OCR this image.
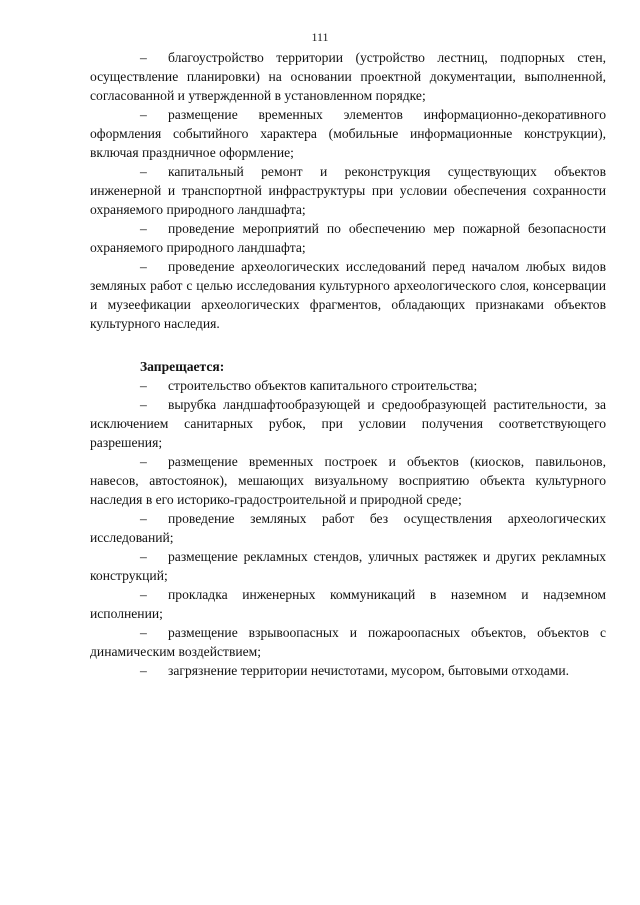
111

– благоустройство территории (устройство лестниц, подпорных стен, осуществление планировки) на основании проектной документации, выполненной, согласованной и утвержденной в установленном порядке;

– размещение временных элементов информационно-декоративного оформления событийного характера (мобильные информационные конструкции), включая праздничное оформление;

– капитальный ремонт и реконструкция существующих объектов инженерной и транспортной инфраструктуры при условии обеспечения сохранности охраняемого природного ландшафта;

– проведение мероприятий по обеспечению мер пожарной безопасности охраняемого природного ландшафта;

– проведение археологических исследований перед началом любых видов земляных работ с целью исследования культурного археологического слоя, консервации и музеефикации археологических фрагментов, обладающих признаками объектов культурного наследия.

Запрещается:

– строительство объектов капитального строительства;

– вырубка ландшафтообразующей и средообразующей растительности, за исключением санитарных рубок, при условии получения соответствующего разрешения;

– размещение временных построек и объектов (киосков, павильонов, навесов, автостоянок), мешающих визуальному восприятию объекта культурного наследия в его историко-градостроительной и природной среде;

– проведение земляных работ без осуществления археологических исследований;

– размещение рекламных стендов, уличных растяжек и других рекламных конструкций;

– прокладка инженерных коммуникаций в наземном и надземном исполнении;

– размещение взрывоопасных и пожароопасных объектов, объектов с динамическим воздействием;

– загрязнение территории нечистотами, мусором, бытовыми отходами.
